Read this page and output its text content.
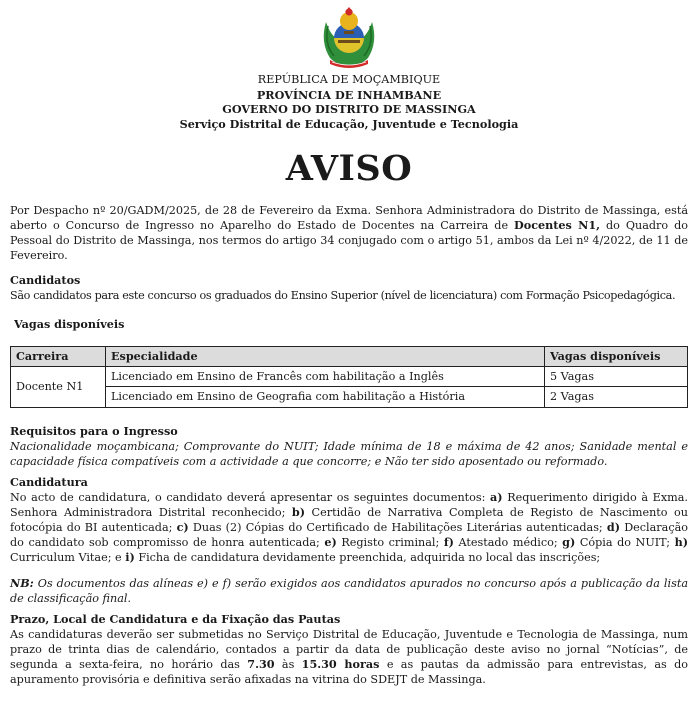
REPÚBLICA DE MOÇAMBIQUE
PROVÍNCIA DE INHAMBANE
GOVERNO DO DISTRITO DE MASSINGA
Serviço Distrital de Educação, Juventude e Tecnologia
AVISO

Por Despacho nº 20/GADM/2025, de 28 de Fevereiro da Exma. Senhora Administradora do Distrito de Massinga, está aberto o Concurso de Ingresso no Aparelho do Estado de Docentes na Carreira de Docentes N1, do Quadro do Pessoal do Distrito de Massinga, nos termos do artigo 34 conjugado com o artigo 51, ambos da Lei nº 4/2022, de 11 de Fevereiro.

Candidatos

São candidatos para este concurso os graduados do Ensino Superior (nível de licenciatura) com Formação Psicopedagógica.

Vagas disponíveis
Carreira	Especialidade	Vagas disponíveis
Docente N1	Licenciado em Ensino de Francês com habilitação a Inglês	5 Vagas
	Licenciado em Ensino de Geografia com habilitação a História	2 Vagas
Requisitos para o Ingresso

Nacionalidade moçambicana; Comprovante do NUIT; Idade mínima de 18 e máxima de 42 anos; Sanidade mental e capacidade física compatíveis com a actividade a que concorre; e Não ter sido aposentado ou reformado.

Candidatura

No acto de candidatura, o candidato deverá apresentar os seguintes documentos: a) Requerimento dirigido à Exma. Senhora Administradora Distrital reconhecido; b) Certidão de Narrativa Completa de Registo de Nascimento ou fotocópia do BI autenticada; c) Duas (2) Cópias do Certificado de Habilitações Literárias autenticadas; d) Declaração do candidato sob compromisso de honra autenticada; e) Registo criminal; f) Atestado médico; g) Cópia do NUIT; h) Curriculum Vitae; e i) Ficha de candidatura devidamente preenchida, adquirida no local das inscrições;

NB: Os documentos das alíneas e) e f) serão exigidos aos candidatos apurados no concurso após a publicação da lista de classificação final.

Prazo, Local de Candidatura e da Fixação das Pautas

As candidaturas deverão ser submetidas no Serviço Distrital de Educação, Juventude e Tecnologia de Massinga, num prazo de trinta dias de calendário, contados a partir da data de publicação deste aviso no jornal “Notícias”, de segunda a sexta-feira, no horário das 7.30 às 15.30 horas e as pautas da admissão para entrevistas, as do apuramento provisória e definitiva serão afixadas na vitrina do SDEJT de Massinga.
